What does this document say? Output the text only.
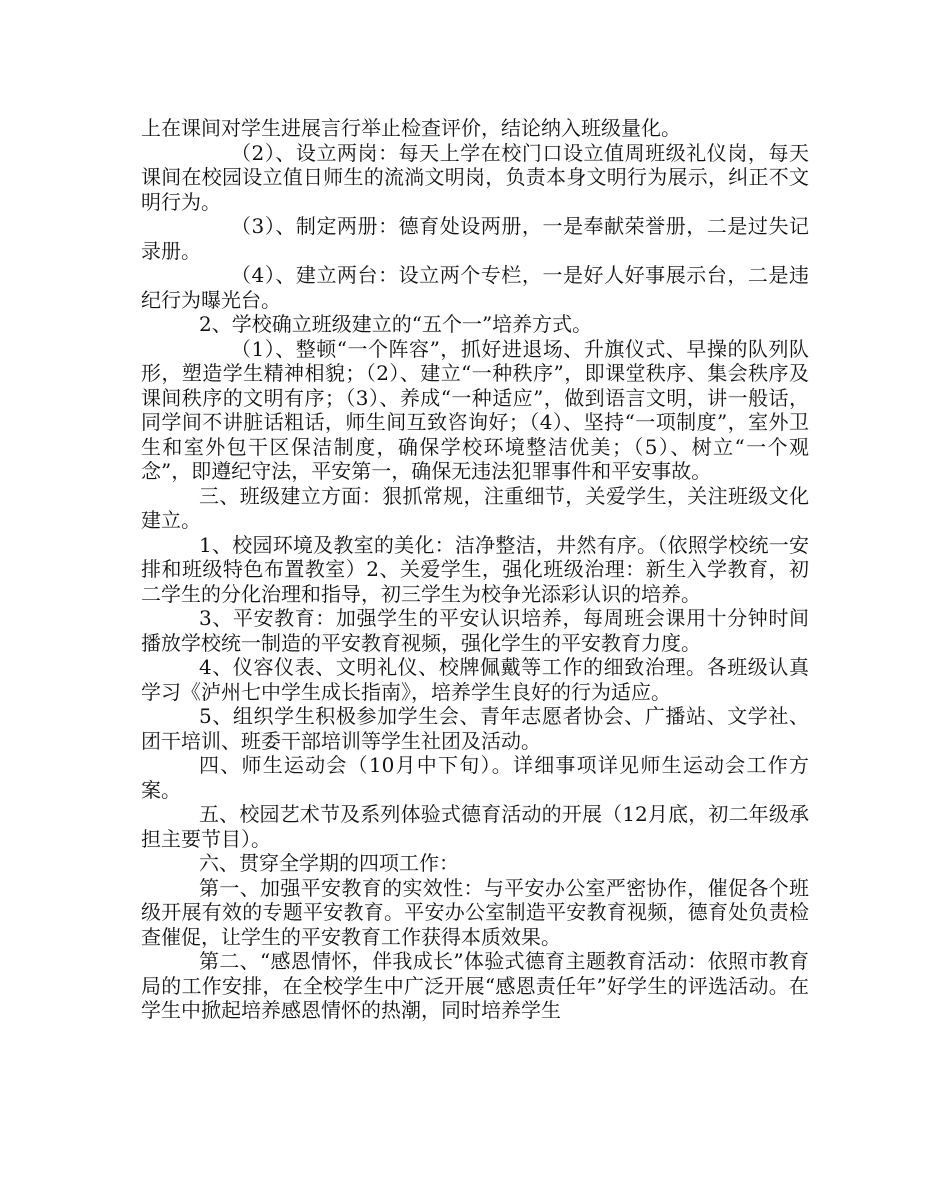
上在课间对学生进展言行举止检查评价，结论纳入班级量化。

（2）、设立两岗：每天上学在校门口设立值周班级礼仪岗，每天课间在校园设立值日师生的流淌文明岗，负责本身文明行为展示，纠正不文明行为。

（3）、制定两册：德育处设两册，一是奉献荣誉册，二是过失记录册。

（4）、建立两台：设立两个专栏，一是好人好事展示台，二是违纪行为曝光台。

2、学校确立班级建立的“五个一”培养方式。

（1）、整顿“一个阵容”，抓好进退场、升旗仪式、早操的队列队形，塑造学生精神相貌；（2）、建立“一种秩序”，即课堂秩序、集会秩序及课间秩序的文明有序；（3）、养成“一种适应”，做到语言文明，讲一般话，同学间不讲脏话粗话，师生间互致咨询好；（4）、坚持“一项制度”，室外卫生和室外包干区保洁制度，确保学校环境整洁优美；（5）、树立“一个观念”，即遵纪守法，平安第一，确保无违法犯罪事件和平安事故。

三、班级建立方面：狠抓常规，注重细节，关爱学生，关注班级文化建立。

1、校园环境及教室的美化：洁净整洁，井然有序。（依照学校统一安排和班级特色布置教室）2、关爱学生，强化班级治理：新生入学教育，初二学生的分化治理和指导，初三学生为校争光添彩认识的培养。

3、平安教育：加强学生的平安认识培养，每周班会课用十分钟时间播放学校统一制造的平安教育视频，强化学生的平安教育力度。

4、仪容仪表、文明礼仪、校牌佩戴等工作的细致治理。各班级认真学习《泸州七中学生成长指南》，培养学生良好的行为适应。

5、组织学生积极参加学生会、青年志愿者协会、广播站、文学社、团干培训、班委干部培训等学生社团及活动。

四、师生运动会（10月中下旬）。详细事项详见师生运动会工作方案。

五、校园艺术节及系列体验式德育活动的开展（12月底，初二年级承担主要节目）。

六、贯穿全学期的四项工作：

第一、加强平安教育的实效性：与平安办公室严密协作，催促各个班级开展有效的专题平安教育。平安办公室制造平安教育视频，德育处负责检查催促，让学生的平安教育工作获得本质效果。

第二、“感恩情怀，伴我成长”体验式德育主题教育活动：依照市教育局的工作安排，在全校学生中广泛开展“感恩责任年”好学生的评选活动。在学生中掀起培养感恩情怀的热潮，同时培养学生
